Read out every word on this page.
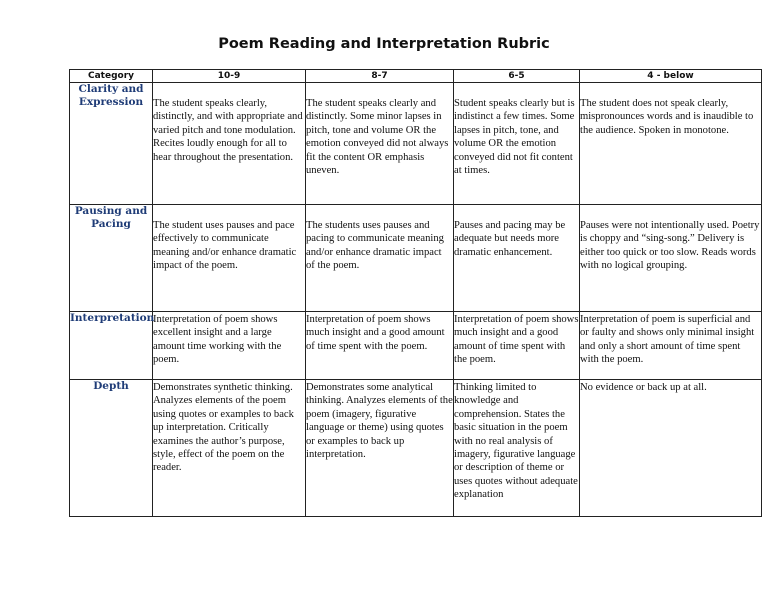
Poem Reading and Interpretation Rubric
Category	10-9	8-7	6-5	4 - below
Clarity and Expression	The student speaks clearly, distinctly, and with appropriate and varied pitch and tone modulation. Recites loudly enough for all to hear throughout the presentation.	The student speaks clearly and distinctly. Some minor lapses in pitch, tone and volume OR the emotion conveyed did not always fit the content OR emphasis uneven.	Student speaks clearly but is indistinct a few times. Some lapses in pitch, tone, and volume OR the emotion conveyed did not fit content at times.	The student does not speak clearly, mispronounces words and is inaudible to the audience. Spoken in monotone.
Pausing and Pacing	The student uses pauses and pace effectively to communicate meaning and/or enhance dramatic impact of the poem.	The students uses pauses and pacing to communicate meaning and/or enhance dramatic impact of the poem.	Pauses and pacing may be adequate but needs more dramatic enhancement.	Pauses were not intentionally used. Poetry is choppy and “sing-song.” Delivery is either too quick or too slow. Reads words with no logical grouping.
Interpretation	Interpretation of poem shows excellent insight and a large amount time working with the poem.	Interpretation of poem shows much insight and a good amount of time spent with the poem.	Interpretation of poem shows much insight and a good amount of time spent with the poem.	Interpretation of poem is superficial and or faulty and shows only minimal insight and only a short amount of time spent with the poem.
Depth	Demonstrates synthetic thinking. Analyzes elements of the poem using quotes or examples to back up interpretation. Critically examines the author’s purpose, style, effect of the poem on the reader.	Demonstrates some analytical thinking. Analyzes elements of the poem (imagery, figurative language or theme) using quotes or examples to back up interpretation.	Thinking limited to knowledge and comprehension. States the basic situation in the poem with no real analysis of imagery, figurative language or description of theme or uses quotes without adequate explanation	No evidence or back up at all.
